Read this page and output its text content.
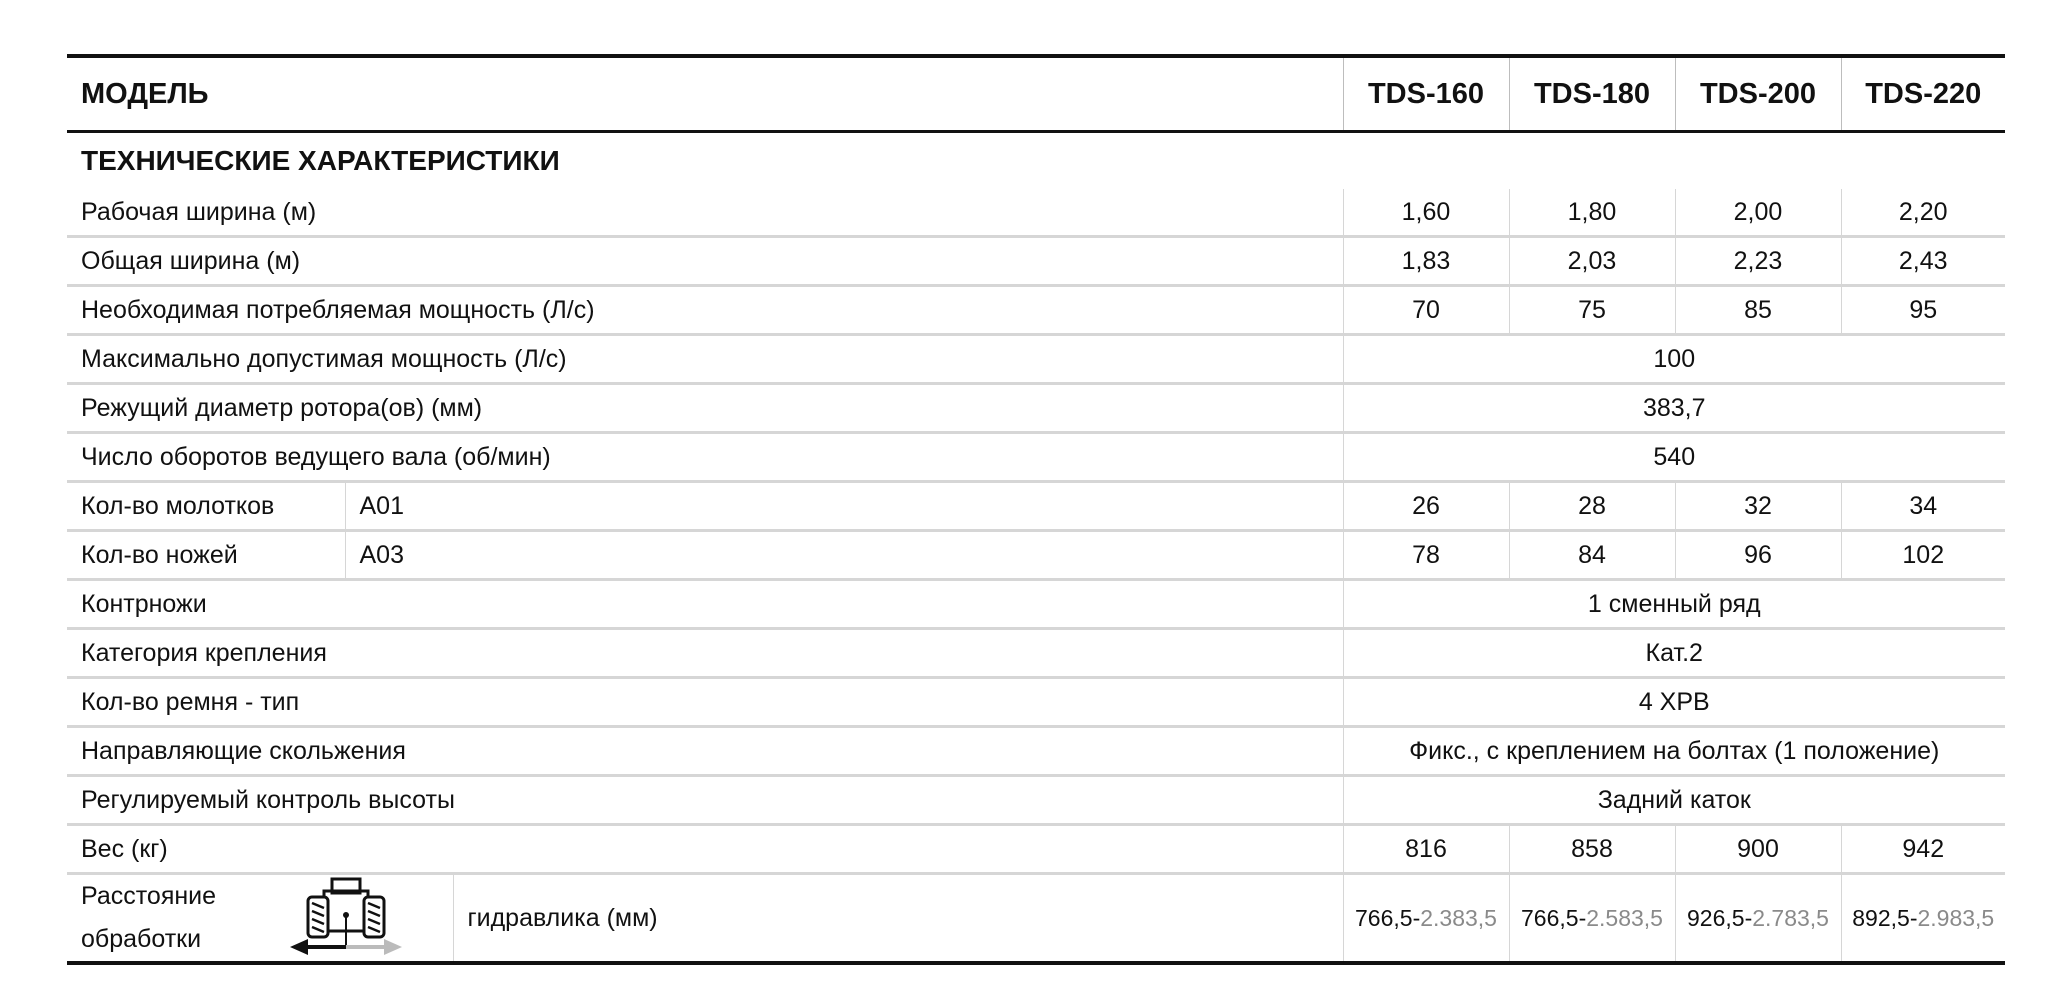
МОДЕЛЬ			TDS-160	TDS-180	TDS-200	TDS-220
ТЕХНИЧЕСКИЕ ХАРАКТЕРИСТИКИ						
Рабочая ширина (м)			1,60	1,80	2,00	2,20
Общая ширина (м)			1,83	2,03	2,23	2,43
Необходимая потребляемая мощность (Л/с)			70	75	85	95
Максимально допустимая мощность (Л/с)			100			
Режущий диаметр ротора(ов) (мм)			383,7			
Число оборотов ведущего вала (об/мин)			540			
Кол-во молотков	A01		26	28	32	34
Кол-во ножей	A03		78	84	96	102
Контрножи			1 сменный ряд			
Категория крепления			Кат.2			
Кол-во ремня - тип			4 XPB			
Направляющие скольжения			Фикс., с креплением на болтах (1 положение)			
Регулируемый контроль высоты			Задний каток			
Вес (кг)			816	858	900	942

Расстояние
обработки		гидравлика (мм)	766,5-2.383,5	766,5-2.583,5	926,5-2.783,5	892,5-2.983,5
